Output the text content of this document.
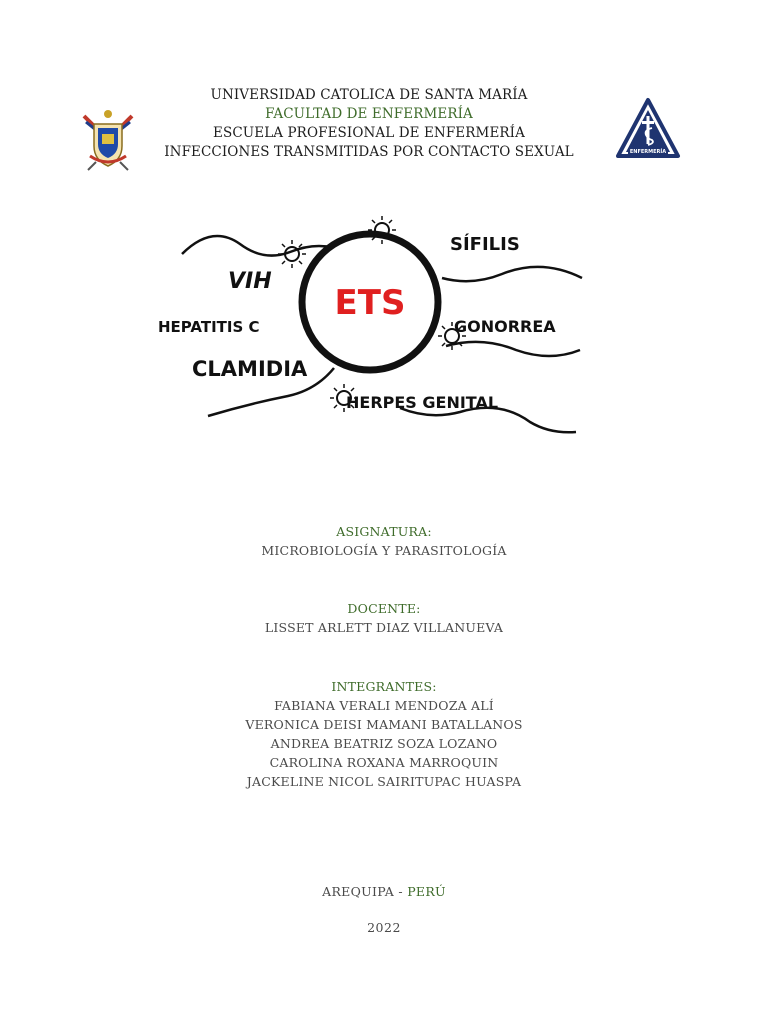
UNIVERSIDAD CATOLICA DE SANTA MARÍA
FACULTAD DE ENFERMERÍA
ESCUELA PROFESIONAL DE ENFERMERÍA
INFECCIONES TRANSMITIDAS POR CONTACTO SEXUAL	ENFERMERÍA
ETS
SÍFILIS
VIH
HEPATITIS C	GONORREA
CLAMIDIA
HERPES GENITAL
ASIGNATURA:
MICROBIOLOGÍA Y PARASITOLOGÍA
DOCENTE:
LISSET ARLETT DIAZ VILLANUEVA
INTEGRANTES:
FABIANA VERALI MENDOZA ALÍ
VERONICA DEISI MAMANI BATALLANOS
ANDREA BEATRIZ SOZA LOZANO
CAROLINA ROXANA MARROQUIN
JACKELINE NICOL SAIRITUPAC HUASPA
AREQUIPA - PERÚ
2022
